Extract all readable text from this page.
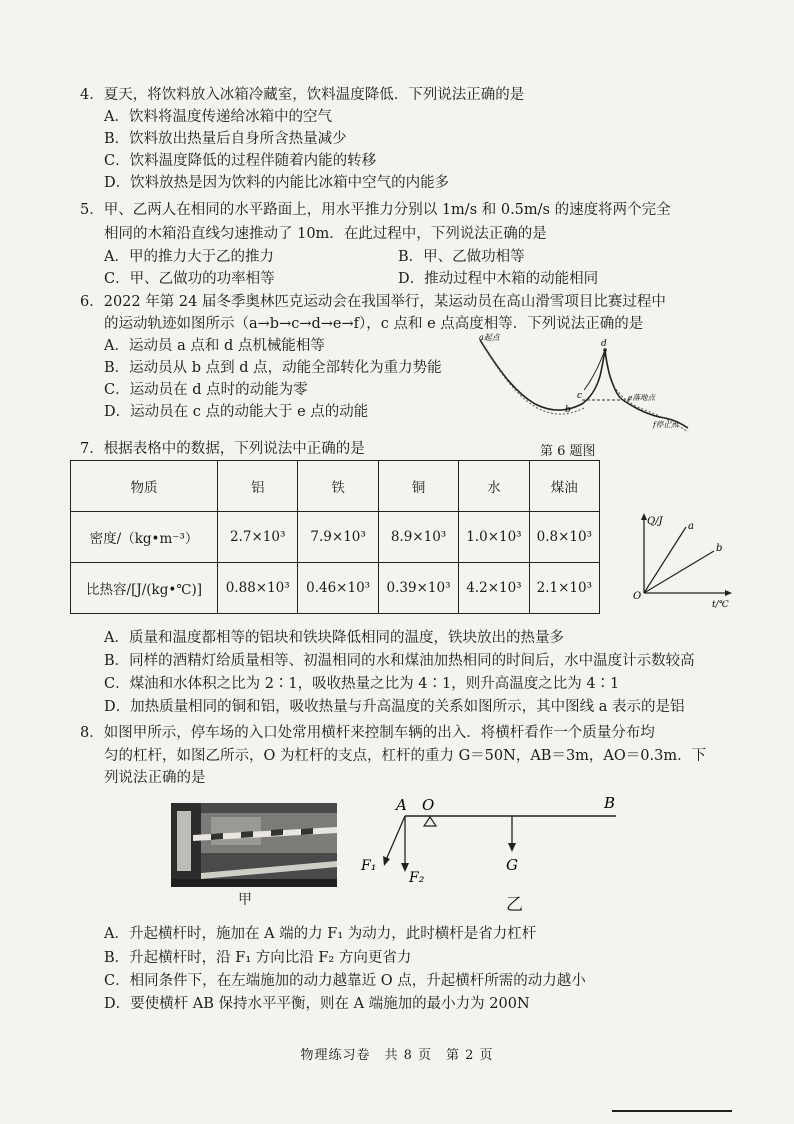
4．夏天，将饮料放入冰箱冷藏室，饮料温度降低．下列说法正确的是
A．饮料将温度传递给冰箱中的空气
B．饮料放出热量后自身所含热量减少
C．饮料温度降低的过程伴随着内能的转移
D．饮料放热是因为饮料的内能比冰箱中空气的内能多
5．甲、乙两人在相同的水平路面上，用水平推力分别以 1m/s 和 0.5m/s 的速度将两个完全
相同的木箱沿直线匀速推动了 10m．在此过程中，下列说法正确的是
A．甲的推力大于乙的推力	B．甲、乙做功相等
C．甲、乙做功的功率相等	D．推动过程中木箱的动能相同
6．2022 年第 24 届冬季奥林匹克运动会在我国举行，某运动员在高山滑雪项目比赛过程中
的运动轨迹如图所示（a→b→c→d→e→f），c 点和 e 点高度相等．下列说法正确的是
A．运动员 a 点和 d 点机械能相等
B．运动员从 b 点到 d 点，动能全部转化为重力势能
C．运动员在 d 点时的动能为零
D．运动员在 c 点的动能大于 e 点的动能
a起点
b
c
d
e落地点
f停止点
7．根据表格中的数据，下列说法中正确的是	第 6 题图
物质	铝	铁	铜	水	煤油
密度/（kg•m⁻³）	2.7×10³	7.9×10³	8.9×10³	1.0×10³	0.8×10³
比热容/[J/(kg•℃)]	0.88×10³	0.46×10³	0.39×10³	4.2×10³	2.1×10³
Q/J
t/℃
O
a
b
A．质量和温度都相等的铝块和铁块降低相同的温度，铁块放出的热量多
B．同样的酒精灯给质量相等、初温相同的水和煤油加热相同的时间后，水中温度计示数较高
C．煤油和水体积之比为 2∶1，吸收热量之比为 4∶1，则升高温度之比为 4∶1
D．加热质量相同的铜和铝，吸收热量与升高温度的关系如图所示，其中图线 a 表示的是铝
8．如图甲所示，停车场的入口处常用横杆来控制车辆的出入．将横杆看作一个质量分布均
匀的杠杆，如图乙所示，O 为杠杆的支点，杠杆的重力 G＝50N，AB＝3m，AO＝0.3m．下
列说法正确的是
甲
A O	B
F₁
F₂
G
乙
A．升起横杆时，施加在 A 端的力 F₁ 为动力，此时横杆是省力杠杆
B．升起横杆时，沿 F₁ 方向比沿 F₂ 方向更省力
C．相同条件下，在左端施加的动力越靠近 O 点，升起横杆所需的动力越小
D．要使横杆 AB 保持水平平衡，则在 A 端施加的最小力为 200N
物理练习卷　共 8 页　第 2 页
